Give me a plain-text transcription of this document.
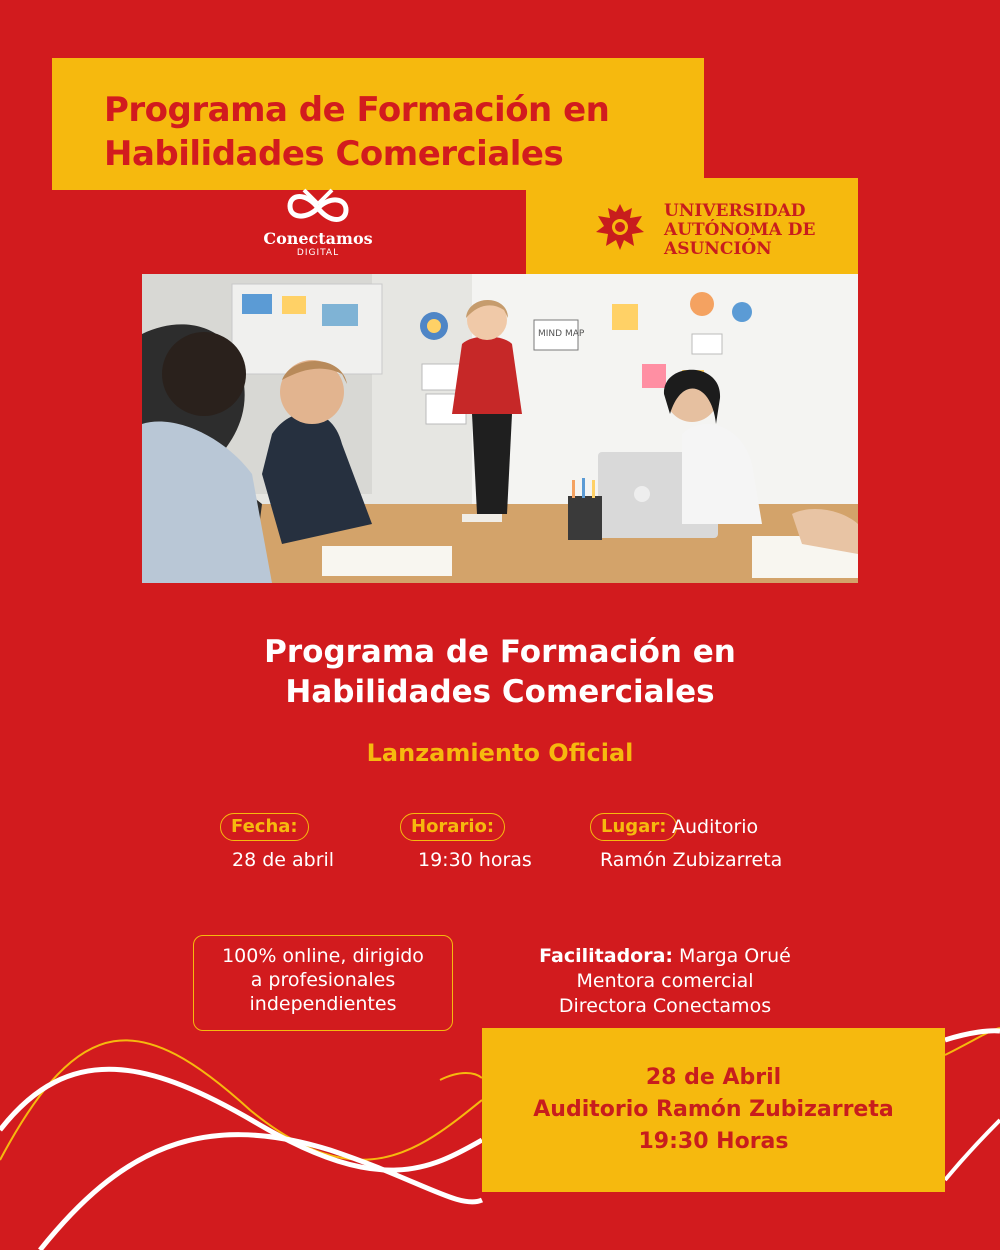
Programa de Formación en
Habilidades Comerciales
Conectamos
DIGITAL
UNIVERSIDAD
AUTÓNOMA DE
ASUNCIÓN
MIND MAP
Programa de Formación en
Habilidades Comerciales
Lanzamiento Oficial
Fecha:
28 de abril
Horario:
19:30 horas
Lugar: Auditorio
Ramón Zubizarreta
100% online, dirigido
a profesionales
independientes
Facilitadora: Marga Orué
Mentora comercial
Directora Conectamos
28 de Abril
Auditorio Ramón Zubizarreta
19:30 Horas
